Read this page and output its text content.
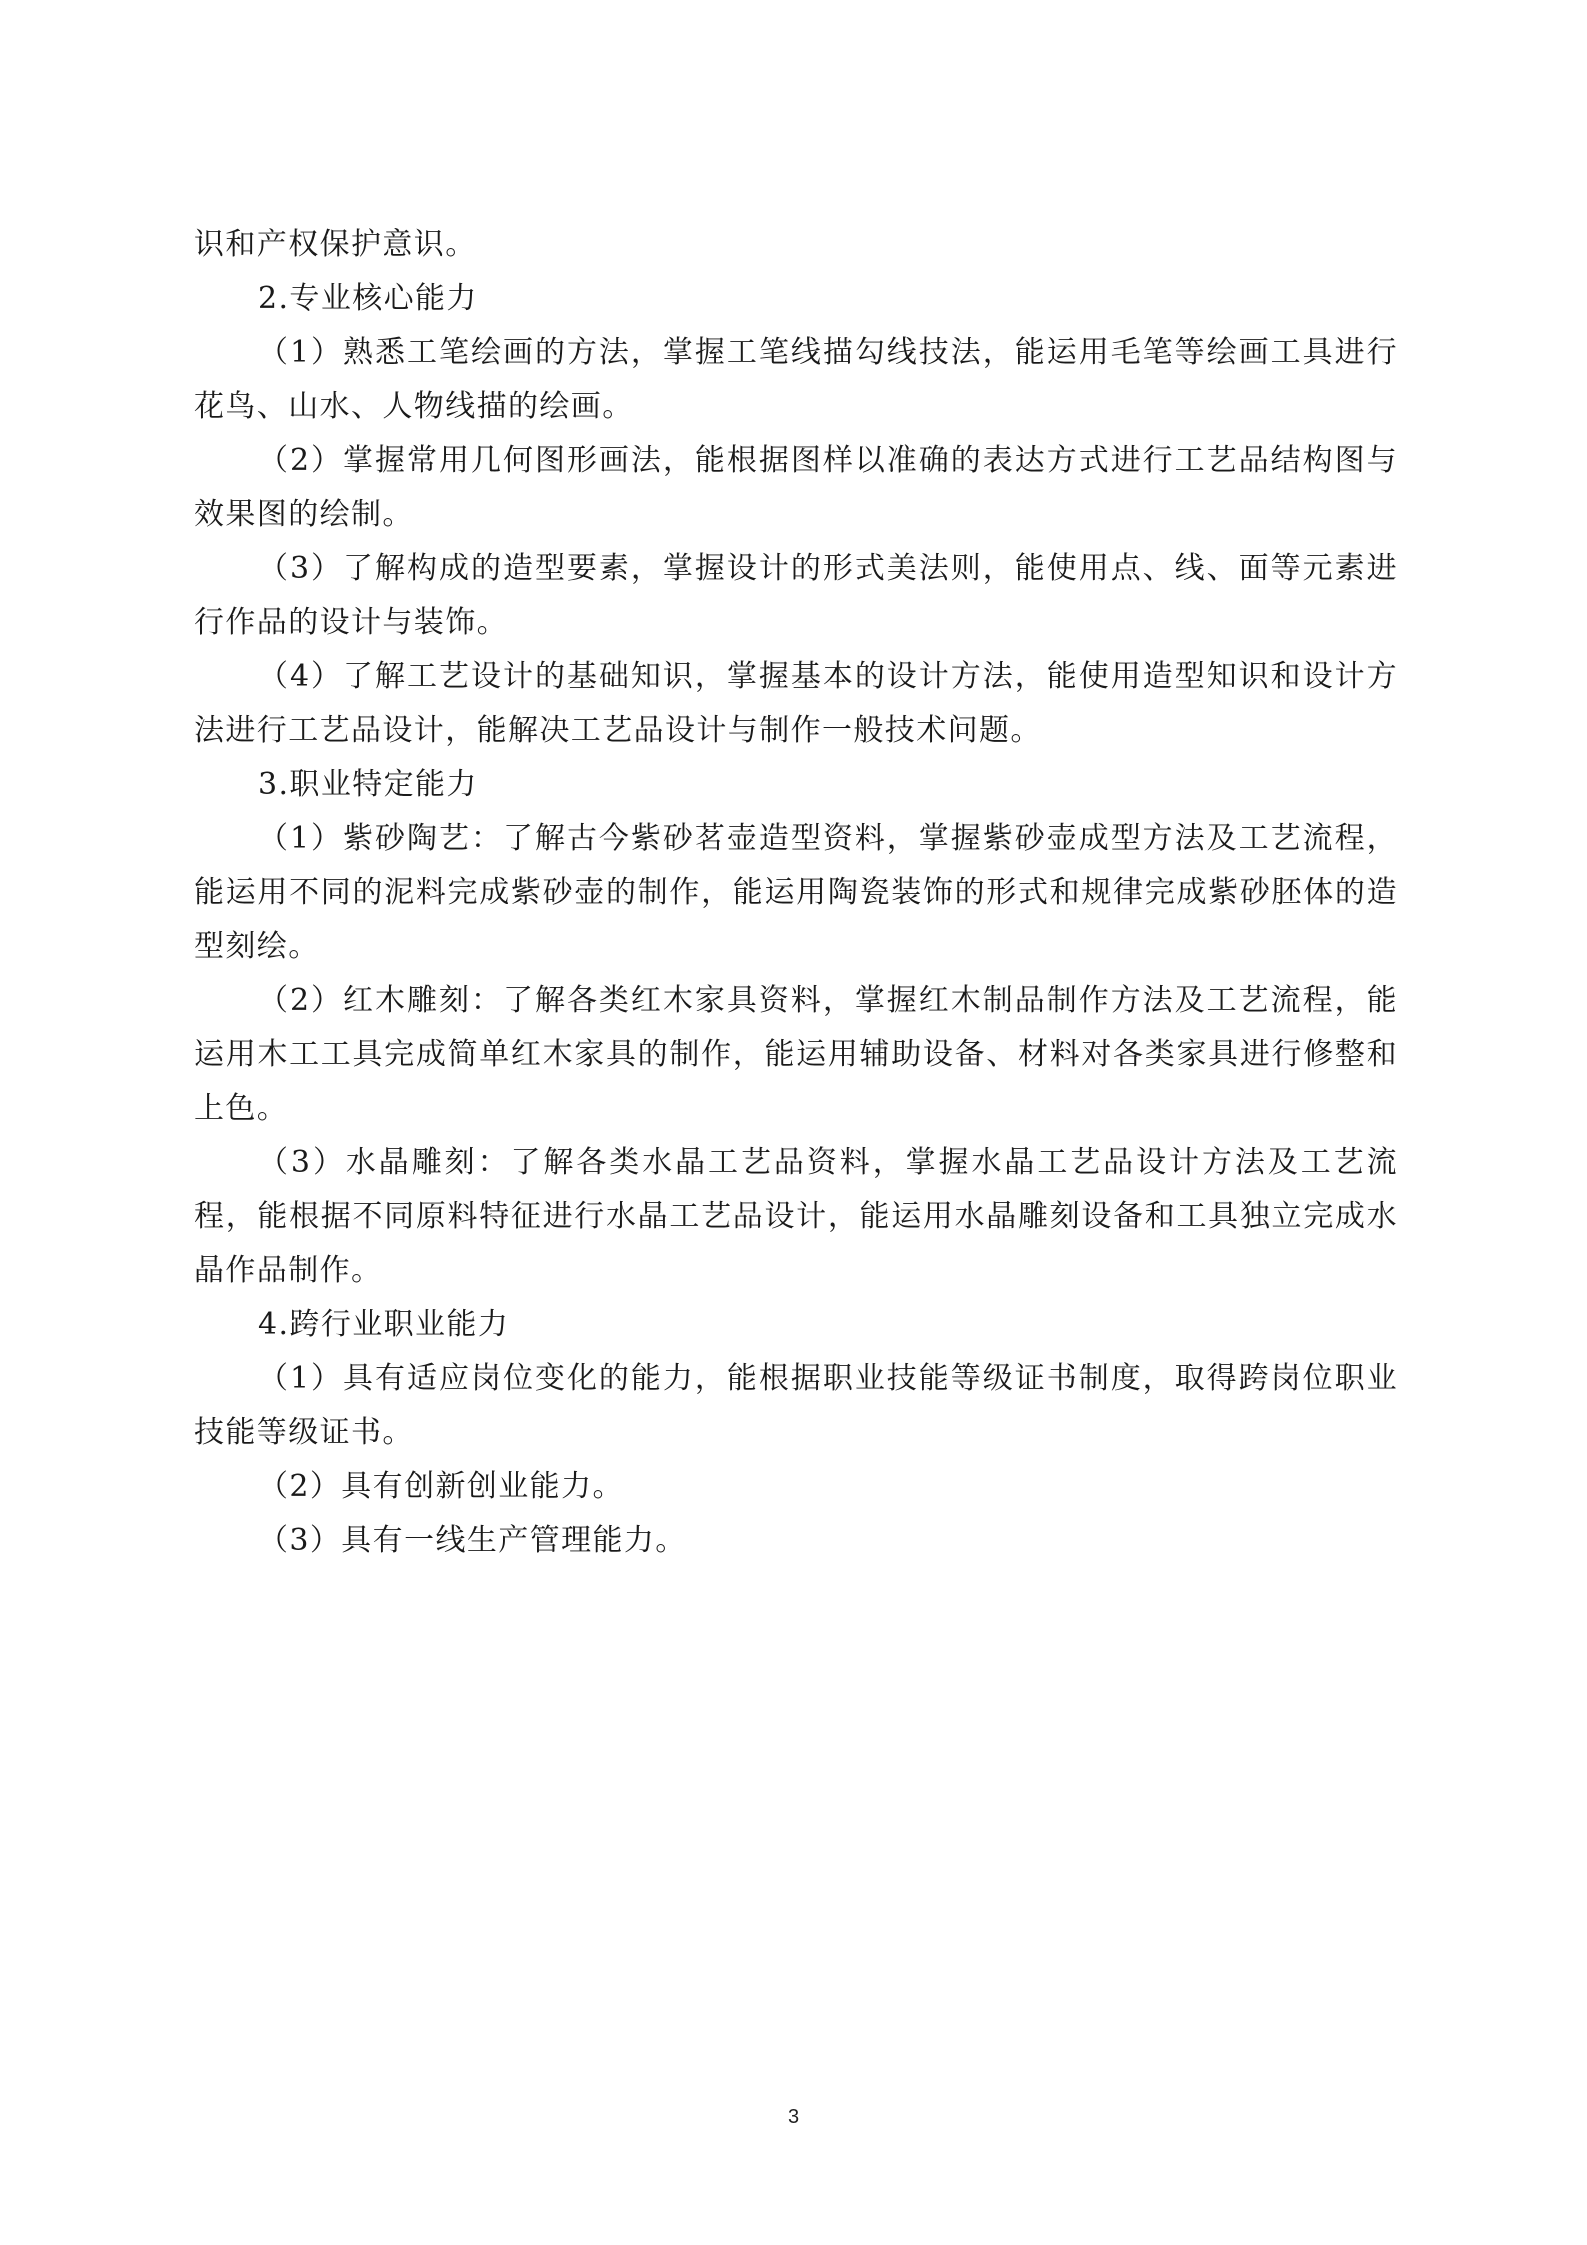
识和产权保护意识。

2.专业核心能力

（1）熟悉工笔绘画的方法，掌握工笔线描勾线技法，能运用毛笔等绘画工具进行花鸟、山水、人物线描的绘画。

（2）掌握常用几何图形画法，能根据图样以准确的表达方式进行工艺品结构图与效果图的绘制。

（3）了解构成的造型要素，掌握设计的形式美法则，能使用点、线、面等元素进行作品的设计与装饰。

（4）了解工艺设计的基础知识，掌握基本的设计方法，能使用造型知识和设计方法进行工艺品设计，能解决工艺品设计与制作一般技术问题。

3.职业特定能力

（1）紫砂陶艺：了解古今紫砂茗壶造型资料，掌握紫砂壶成型方法及工艺流程，能运用不同的泥料完成紫砂壶的制作，能运用陶瓷装饰的形式和规律完成紫砂胚体的造型刻绘。

（2）红木雕刻：了解各类红木家具资料，掌握红木制品制作方法及工艺流程，能运用木工工具完成简单红木家具的制作，能运用辅助设备、材料对各类家具进行修整和上色。

（3）水晶雕刻：了解各类水晶工艺品资料，掌握水晶工艺品设计方法及工艺流程，能根据不同原料特征进行水晶工艺品设计，能运用水晶雕刻设备和工具独立完成水晶作品制作。

4.跨行业职业能力

（1）具有适应岗位变化的能力，能根据职业技能等级证书制度，取得跨岗位职业技能等级证书。

（2）具有创新创业能力。

（3）具有一线生产管理能力。

3
